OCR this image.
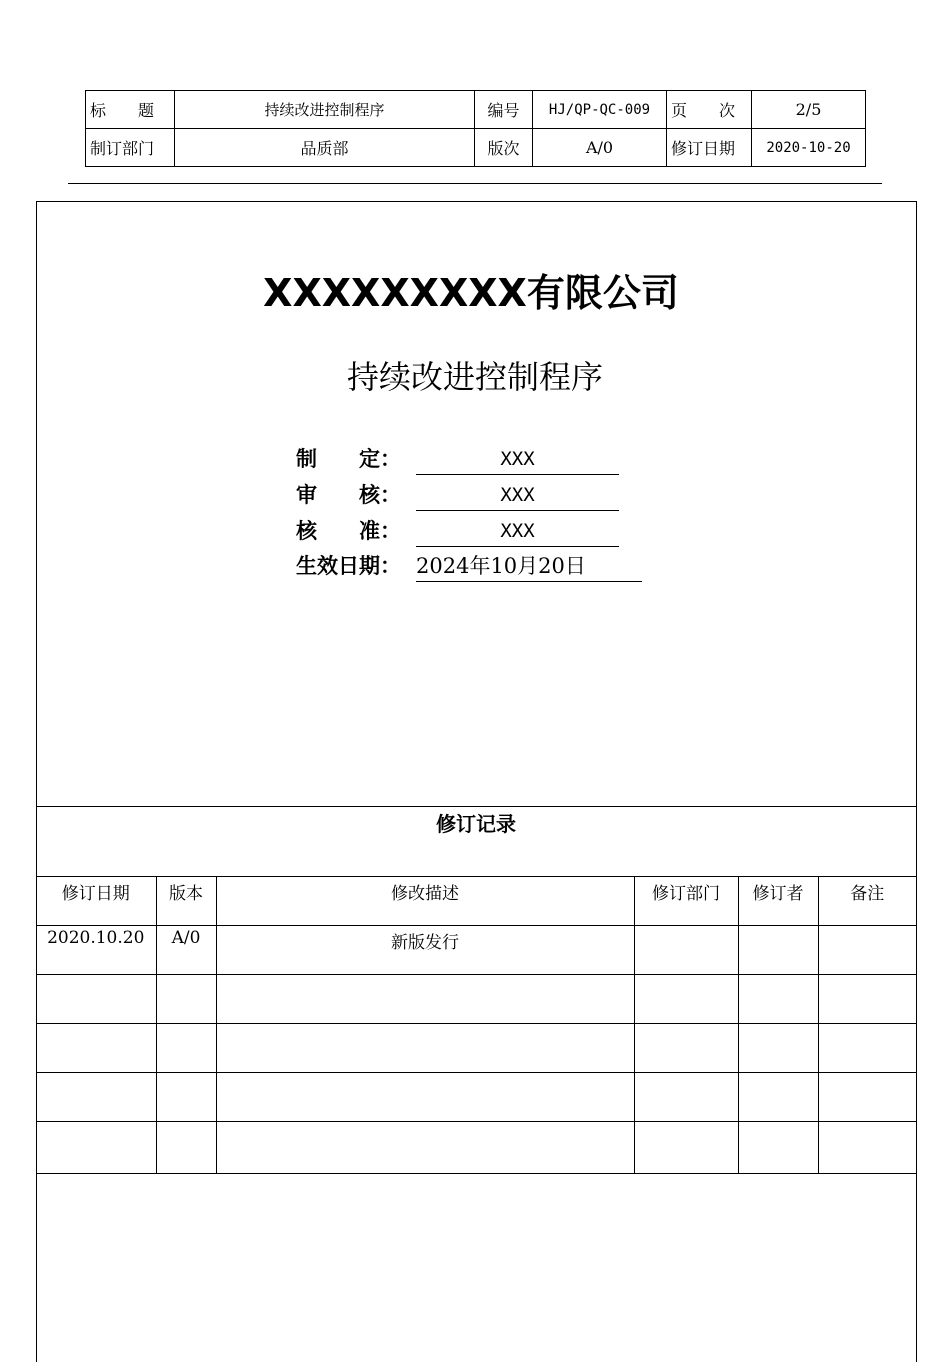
标　　题	持续改进控制程序	编号	HJ/QP-QC-009	页　　次	2/5
制订部门	品质部	版次	A/0	修订日期	2020-10-20
XXXXXXXXX有限公司
持续改进控制程序
制　　定：	XXX
审　　核：	XXX
核　　准：	XXX
生效日期： 2024年10月20日
修订记录
修订日期	版本	修改描述	修订部门	修订者	备注
2020.10.20	A/0	新版发行			
